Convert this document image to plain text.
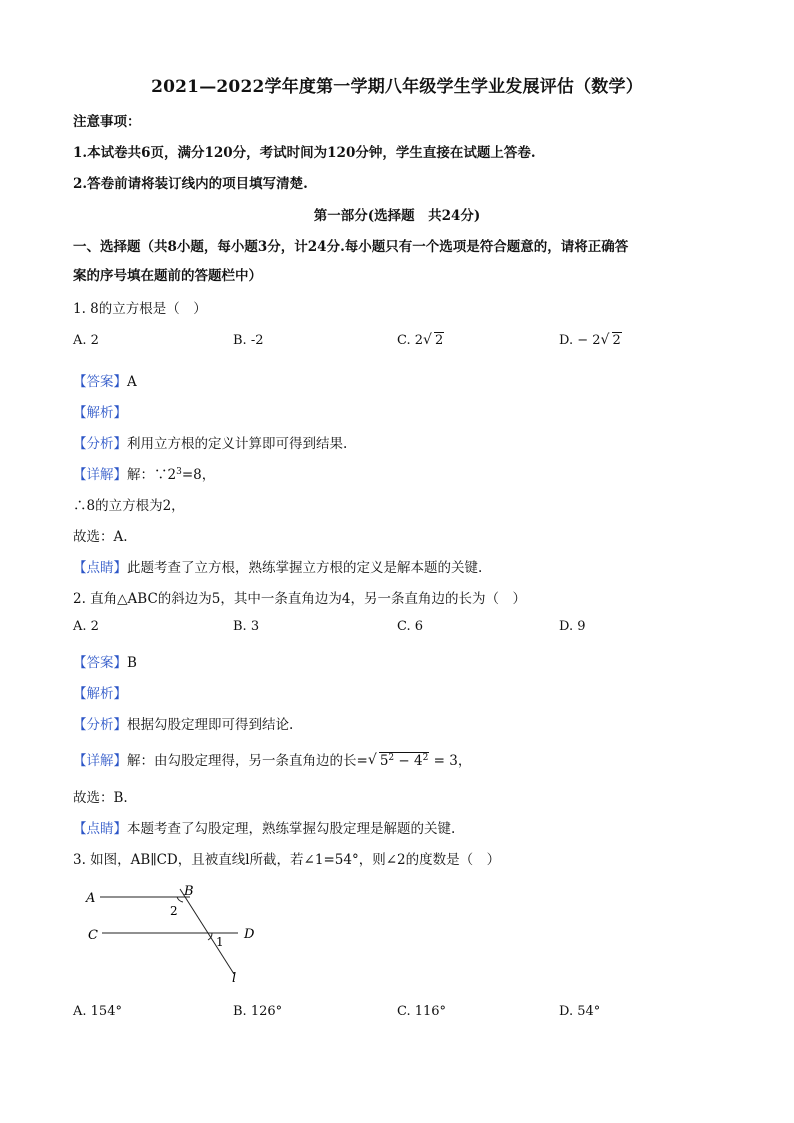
2021—2022学年度第一学期八年级学生学业发展评估（数学）
注意事项：
1.本试卷共6页，满分120分，考试时间为120分钟，学生直接在试题上答卷.
2.答卷前请将装订线内的项目填写清楚.
第一部分(选择题　共24分)
一、选择题（共8小题，每小题3分，计24分.每小题只有一个选项是符合题意的，请将正确答
案的序号填在题前的答题栏中）
1. 8的立方根是（　）
A. 2	B. -2	C. 2 √ 2	D. − 2 √ 2
【答案】A
【解析】
【分析】利用立方根的定义计算即可得到结果.
【详解】解：$\because 2^3=8$，
∴8的立方根为2，
故选：A.
【点睛】此题考查了立方根，熟练掌握立方根的定义是解本题的关键.
2. 直角△ABC的斜边为5，其中一条直角边为4，另一条直角边的长为（　）
A. 2	B. 3	C. 6	D. 9
【答案】B
【解析】
【分析】根据勾股定理即可得到结论.
【详解】解：由勾股定理得，另一条直角边的长= √ $5^2 - 4^2 = 3$，
故选：B.
【点睛】本题考查了勾股定理，熟练掌握勾股定理是解题的关键.
3. 如图，AB∥CD，且被直线l所截，若∠1=54°，则∠2的度数是（　）
A	B
C	D
l
2
1
A. 154°	B. 126°	C. 116°	D. 54°
